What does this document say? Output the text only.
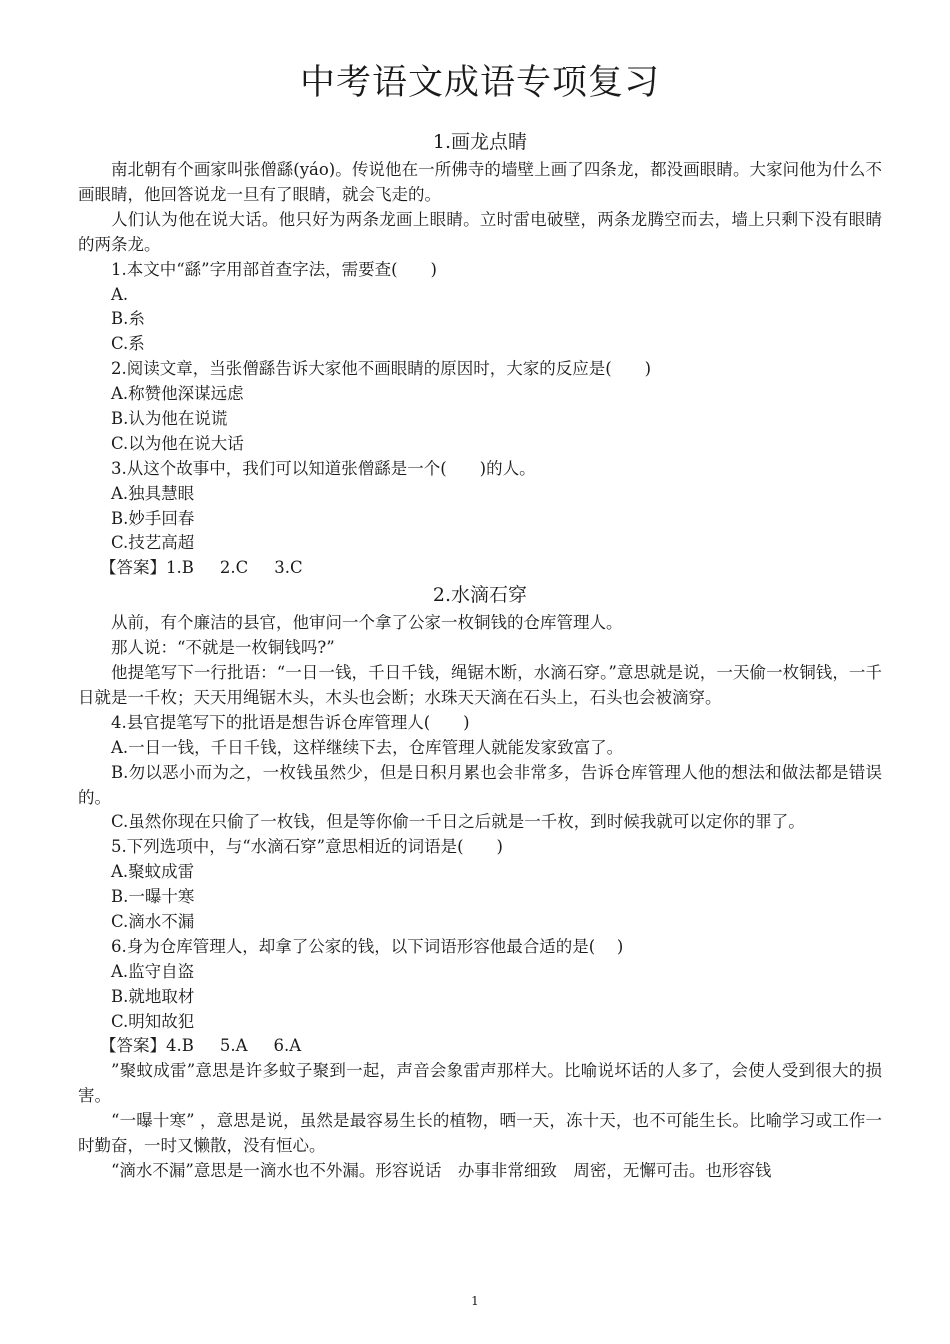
中考语文成语专项复习
1.画龙点睛

南北朝有个画家叫张僧繇(yáo)。传说他在一所佛寺的墙壁上画了四条龙，都没画眼睛。大家问他为什么不画眼睛，他回答说龙一旦有了眼睛，就会飞走的。

人们认为他在说大话。他只好为两条龙画上眼睛。立时雷电破壁，两条龙腾空而去，墙上只剩下没有眼睛的两条龙。

1.本文中“繇”字用部首查字法，需要查(　　)

A.

B.糸

C.系

2.阅读文章，当张僧繇告诉大家他不画眼睛的原因时，大家的反应是(　　)

A.称赞他深谋远虑

B.认为他在说谎

C.以为他在说大话

3.从这个故事中，我们可以知道张僧繇是一个(　　)的人。

A.独具慧眼

B.妙手回春

C.技艺高超

【答案】1.B 2.C 3.C

2.水滴石穿

从前，有个廉洁的县官，他审问一个拿了公家一枚铜钱的仓库管理人。

那人说：“不就是一枚铜钱吗?”

他提笔写下一行批语：“一日一钱，千日千钱，绳锯木断，水滴石穿。”意思就是说，一天偷一枚铜钱，一千日就是一千枚；天天用绳锯木头，木头也会断；水珠天天滴在石头上，石头也会被滴穿。

4.县官提笔写下的批语是想告诉仓库管理人(　　)

A.一日一钱，千日千钱，这样继续下去，仓库管理人就能发家致富了。

B.勿以恶小而为之，一枚钱虽然少，但是日积月累也会非常多，告诉仓库管理人他的想法和做法都是错误的。

C.虽然你现在只偷了一枚钱，但是等你偷一千日之后就是一千枚，到时候我就可以定你的罪了。

5.下列选项中，与“水滴石穿”意思相近的词语是(　　)

A.聚蚊成雷

B.一曝十寒

C.滴水不漏

6.身为仓库管理人，却拿了公家的钱，以下词语形容他最合适的是(　 )

A.监守自盗

B.就地取材

C.明知故犯

【答案】4.B 5.A 6.A

”聚蚊成雷”意思是许多蚊子聚到一起，声音会象雷声那样大。比喻说坏话的人多了，会使人受到很大的损害。

“一曝十寒” ，意思是说，虽然是最容易生长的植物，晒一天，冻十天，也不可能生长。比喻学习或工作一时勤奋，一时又懒散，没有恒心。

“滴水不漏”意思是一滴水也不外漏。形容说话　办事非常细致　周密，无懈可击。也形容钱

1
